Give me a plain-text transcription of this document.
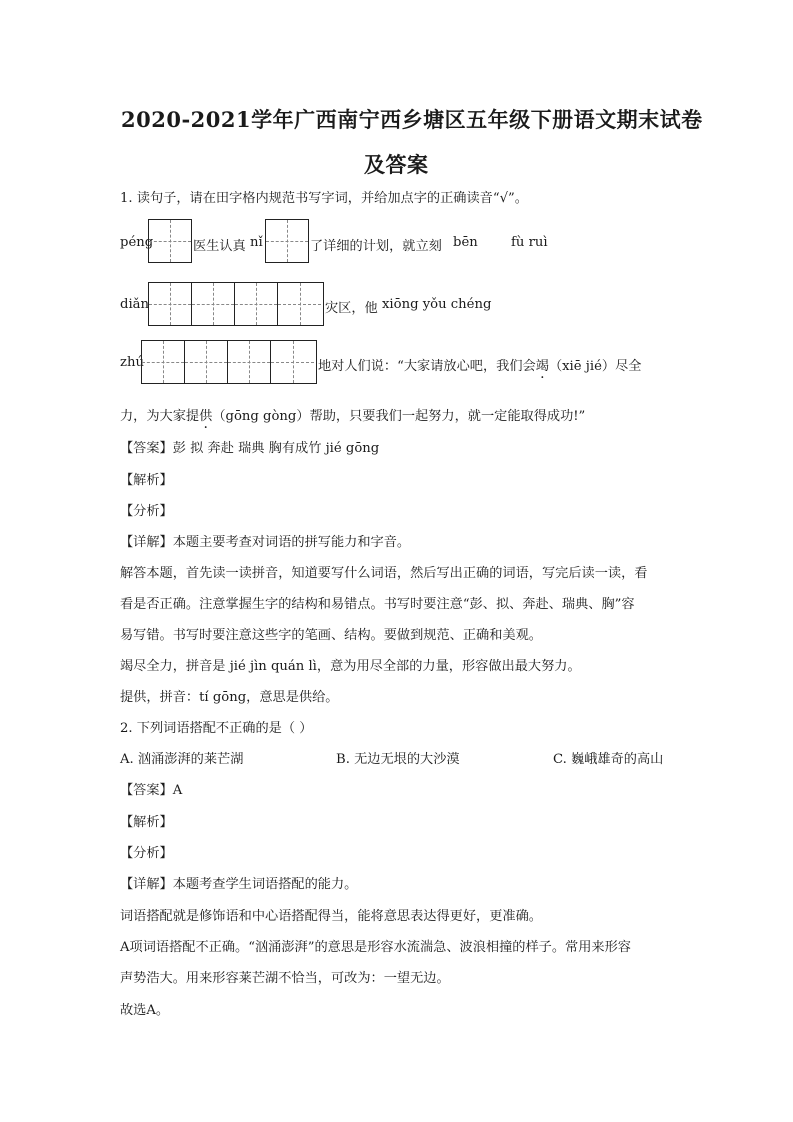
2020-2021学年广西南宁西乡塘区五年级下册语文期末试卷
及答案
1. 读句子，请在田字格内规范书写字词，并给加点字的正确读音“√”。
péng	医生认真 nǐ	了详细的计划，就立刻 bēn	fù ruì
diǎn	灾区，他 xiōng yǒu chéng
zhú	地对人们说：“大家请放心吧，我们会竭（xiē jié）尽全
力，为大家提供（gōng gòng）帮助，只要我们一起努力，就一定能取得成功!”
【答案】彭 拟 奔赴 瑞典 胸有成竹 jié gōng
【解析】
【分析】
【详解】本题主要考查对词语的拼写能力和字音。
解答本题，首先读一读拼音，知道要写什么词语，然后写出正确的词语，写完后读一读，看
看是否正确。注意掌握生字的结构和易错点。书写时要注意“彭、拟、奔赴、瑞典、胸”容
易写错。书写时要注意这些字的笔画、结构。要做到规范、正确和美观。
竭尽全力，拼音是 jié jìn quán lì，意为用尽全部的力量，形容做出最大努力。
提供，拼音：tí gōng，意思是供给。
2. 下列词语搭配不正确的是（ ）
A. 汹涌澎湃的莱芒湖	B. 无边无垠的大沙漠	C. 巍峨雄奇的高山
【答案】A
【解析】
【分析】
【详解】本题考查学生词语搭配的能力。
词语搭配就是修饰语和中心语搭配得当，能将意思表达得更好，更准确。
A项词语搭配不正确。“汹涌澎湃”的意思是形容水流湍急、波浪相撞的样子。常用来形容
声势浩大。用来形容莱芒湖不恰当，可改为：一望无边。
故选A。
